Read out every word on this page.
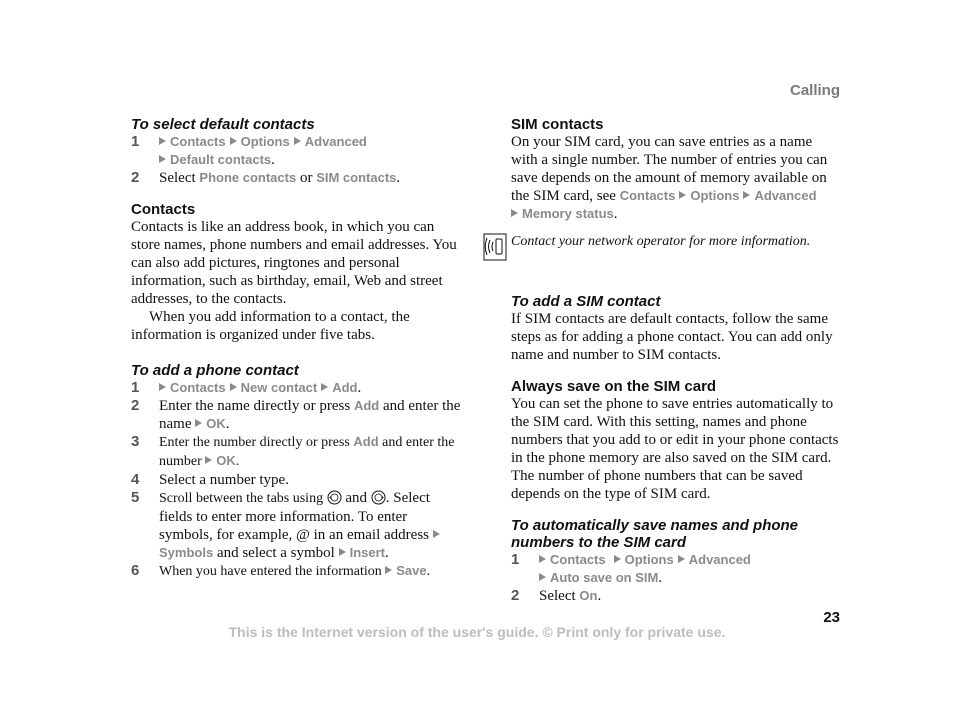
Calling
To select default contacts
1	Contacts Options Advanced
Default contacts.
2	Select Phone contacts or SIM contacts.
Contacts

Contacts is like an address book, in which you can store names, phone numbers and email addresses. You can also add pictures, ringtones and personal information, such as birthday, email, Web and street addresses, to the contacts.

When you add information to a contact, the information is organized under five tabs.

To add a phone contact
1	Contacts New contact Add.
2	Enter the name directly or press Add and enter the name OK.
3	Enter the number directly or press Add and enter the number OK.
4	Select a number type.
5	Scroll between the tabs using  and . Select fields to enter more information. To enter symbols, for example, @ in an email address Symbols and select a symbol Insert.
6	When you have entered the information Save.
SIM contacts

On your SIM card, you can save entries as a name with a single number. The number of entries you can save depends on the amount of memory available on the SIM card, see Contacts Options Advanced
Memory status.

Contact your network operator for more information.
To add a SIM contact

If SIM contacts are default contacts, follow the same steps as for adding a phone contact. You can add only name and number to SIM contacts.

Always save on the SIM card

You can set the phone to save entries automatically to the SIM card. With this setting, names and phone numbers that you add to or edit in your phone contacts in the phone memory are also saved on the SIM card. The number of phone numbers that can be saved depends on the type of SIM card.

To automatically save names and phone numbers to the SIM card
1	Contacts Options Advanced
Auto save on SIM.
2	Select On.
23
This is the Internet version of the user's guide. © Print only for private use.
